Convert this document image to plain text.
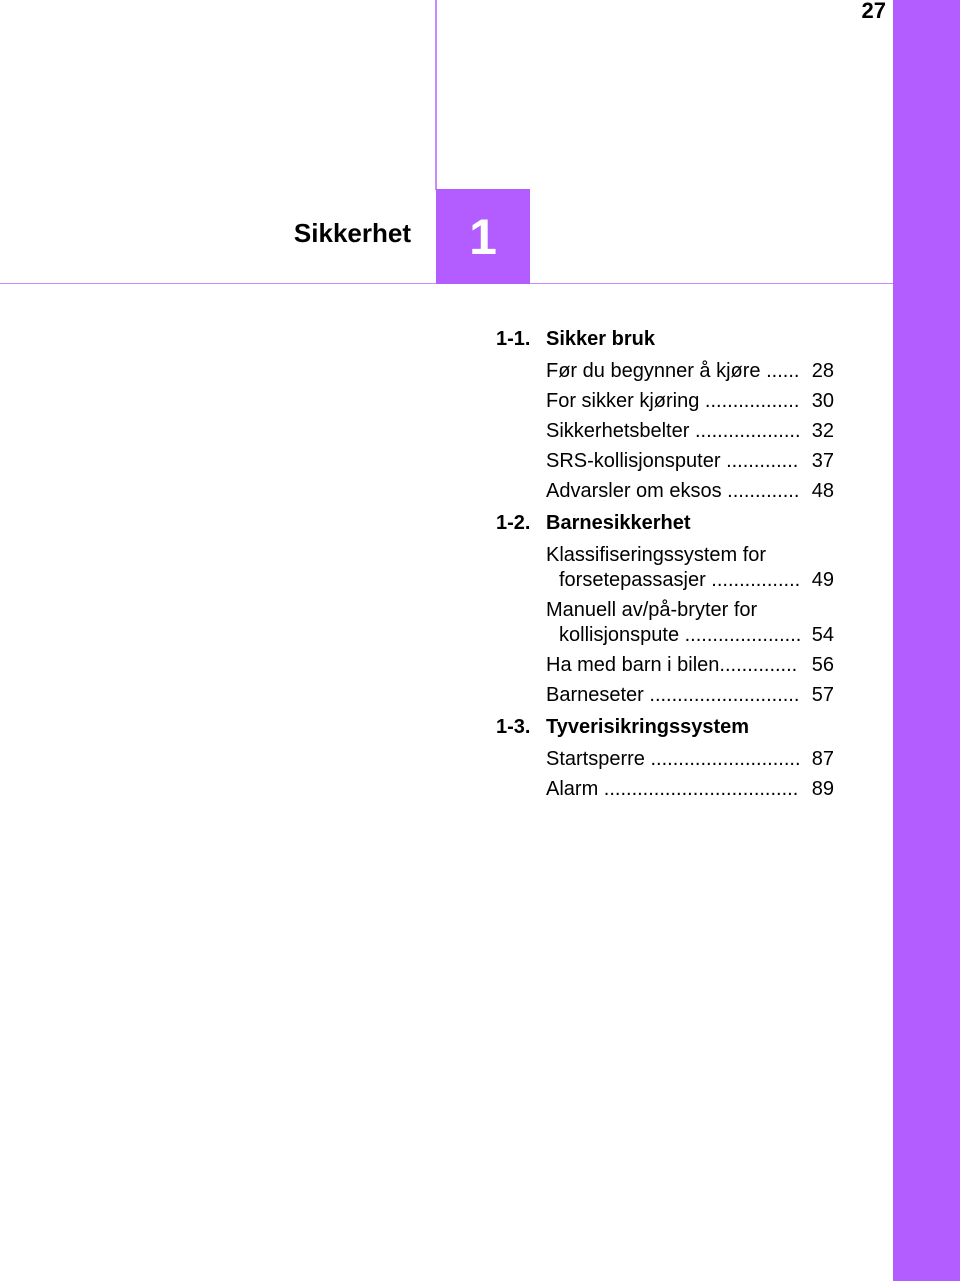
27
1
Sikkerhet
1-1. Sikker bruk
Før du begynner å kjøre ...... 28
For sikker kjøring ................. 30
Sikkerhetsbelter ................... 32
SRS-kollisjonsputer ............. 37
Advarsler om eksos ............. 48
1-2. Barnesikkerhet
Klassifiseringssystem for
forsetepassasjer ................ 49
Manuell av/på-bryter for
kollisjonspute ..................... 54
Ha med barn i bilen.............. 56
Barneseter ........................... 57
1-3. Tyverisikringssystem
Startsperre ........................... 87
Alarm ................................... 89
